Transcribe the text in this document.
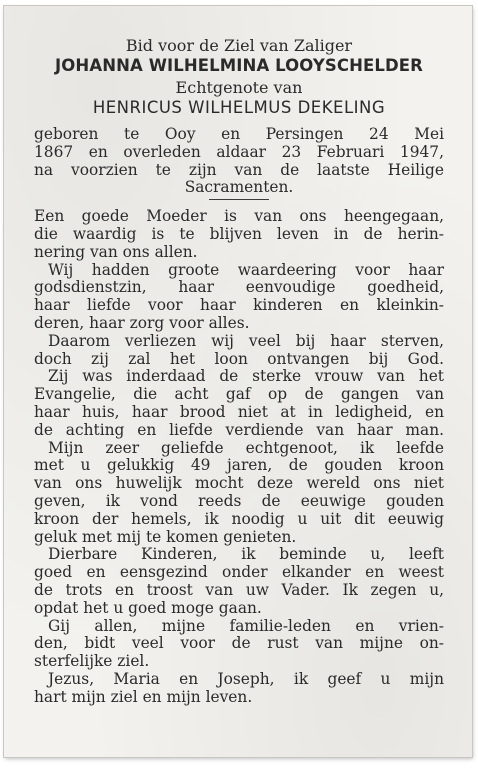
Bid voor de Ziel van Zaliger
JOHANNA WILHELMINA LOOYSCHELDER
Echtgenote van
HENRICUS WILHELMUS DEKELING
geboren te Ooy en Persingen 24 Mei
1867 en overleden aldaar 23 Februari 1947,
na voorzien te zijn van de laatste Heilige
Sacramenten.
Een goede Moeder is van ons heengegaan,
die waardig is te blijven leven in de herin-
nering van ons allen.
Wij hadden groote waardeering voor haar
godsdienstzin, haar eenvoudige goedheid,
haar liefde voor haar kinderen en kleinkin-
deren, haar zorg voor alles.
Daarom verliezen wij veel bij haar sterven,
doch zij zal het loon ontvangen bij God.
Zij was inderdaad de sterke vrouw van het
Evangelie, die acht gaf op de gangen van
haar huis, haar brood niet at in ledigheid, en
de achting en liefde verdiende van haar man.
Mijn zeer geliefde echtgenoot, ik leefde
met u gelukkig 49 jaren, de gouden kroon
van ons huwelijk mocht deze wereld ons niet
geven, ik vond reeds de eeuwige gouden
kroon der hemels, ik noodig u uit dit eeuwig
geluk met mij te komen genieten.
Dierbare Kinderen, ik beminde u, leeft
goed en eensgezind onder elkander en weest
de trots en troost van uw Vader. Ik zegen u,
opdat het u goed moge gaan.
Gij allen, mijne familie-leden en vrien-
den, bidt veel voor de rust van mijne on-
sterfelijke ziel.
Jezus, Maria en Joseph, ik geef u mijn
hart mijn ziel en mijn leven.
